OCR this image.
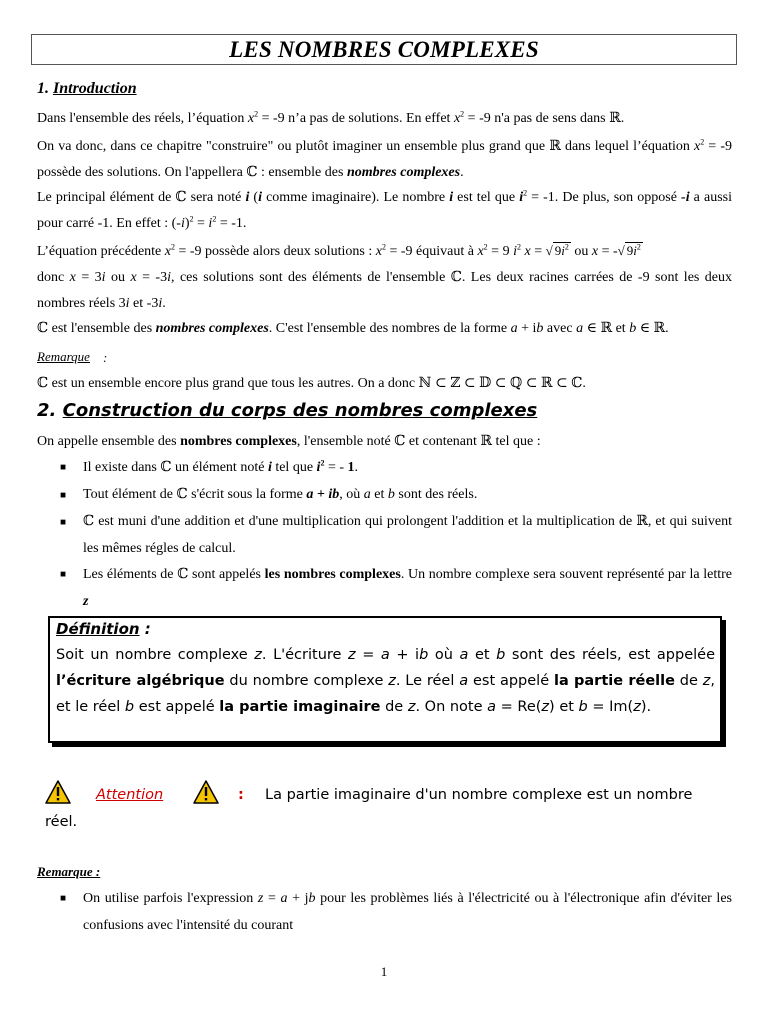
LES NOMBRES COMPLEXES
1. Introduction
Dans l'ensemble des réels, l’équation $x^2 = -9$ n’a pas de solutions. En effet $x^2 = -9$ n'a pas de sens dans ℝ.
On va donc, dans ce chapitre "construire" ou plutôt imaginer un ensemble plus grand que ℝ dans lequel l’équation $x^2 = -9$ possède des solutions. On l'appellera ℂ : ensemble des nombres complexes.
Le principal élément de ℂ sera noté i (i comme imaginaire). Le nombre i est tel que $i^2 = -1$. De plus, son opposé -i a aussi pour carré -1. En effet : $(-i)^2 = i^2 = -1$.
L’équation précédente $x^2 = -9$ possède alors deux solutions : $x^2 = -9$ équivaut à $x^2 = 9$ $i^2$ x = √ $9i^2$ ou x = -√ $9i^2$
donc x = 3i ou x = -3i, ces solutions sont des éléments de l'ensemble ℂ. Les deux racines carrées de -9 sont les deux nombres réels 3i et -3i.
ℂ est l'ensemble des nombres complexes. C'est l'ensemble des nombres de la forme a + ib avec a ∈ ℝ et b ∈ ℝ.
Remarque :
ℂ est un ensemble encore plus grand que tous les autres. On a donc ℕ ⊂ ℤ ⊂ 𝔻 ⊂ ℚ ⊂ ℝ ⊂ ℂ.
2. Construction du corps des nombres complexes
On appelle ensemble des nombres complexes, l'ensemble noté ℂ et contenant ℝ tel que :
■ Il existe dans ℂ un élément noté i tel que $i^2$ = - 1.
■ Tout élément de ℂ s'écrit sous la forme a + ib, où a et b sont des réels.
■ ℂ est muni d'une addition et d'une multiplication qui prolongent l'addition et la multiplication de ℝ, et qui suivent les mêmes régles de calcul.
■ Les éléments de ℂ sont appelés les nombres complexes. Un nombre complexe sera souvent représenté par la lettre z
Définition :
Soit un nombre complexe z. L'écriture z = a + ib où a et b sont des réels, est appelée l’écriture algébrique du nombre complexe z. Le réel a est appelé la partie réelle de z, et le réel b est appelé la partie imaginaire de z. On note a = Re(z) et b = Im(z).
Attention	: La partie imaginaire d'un nombre complexe est un nombre
réel.
Remarque :
■ On utilise parfois l'expression z = a + jb pour les problèmes liés à l'électricité ou à l'électronique afin d'éviter les confusions avec l'intensité du courant
1
